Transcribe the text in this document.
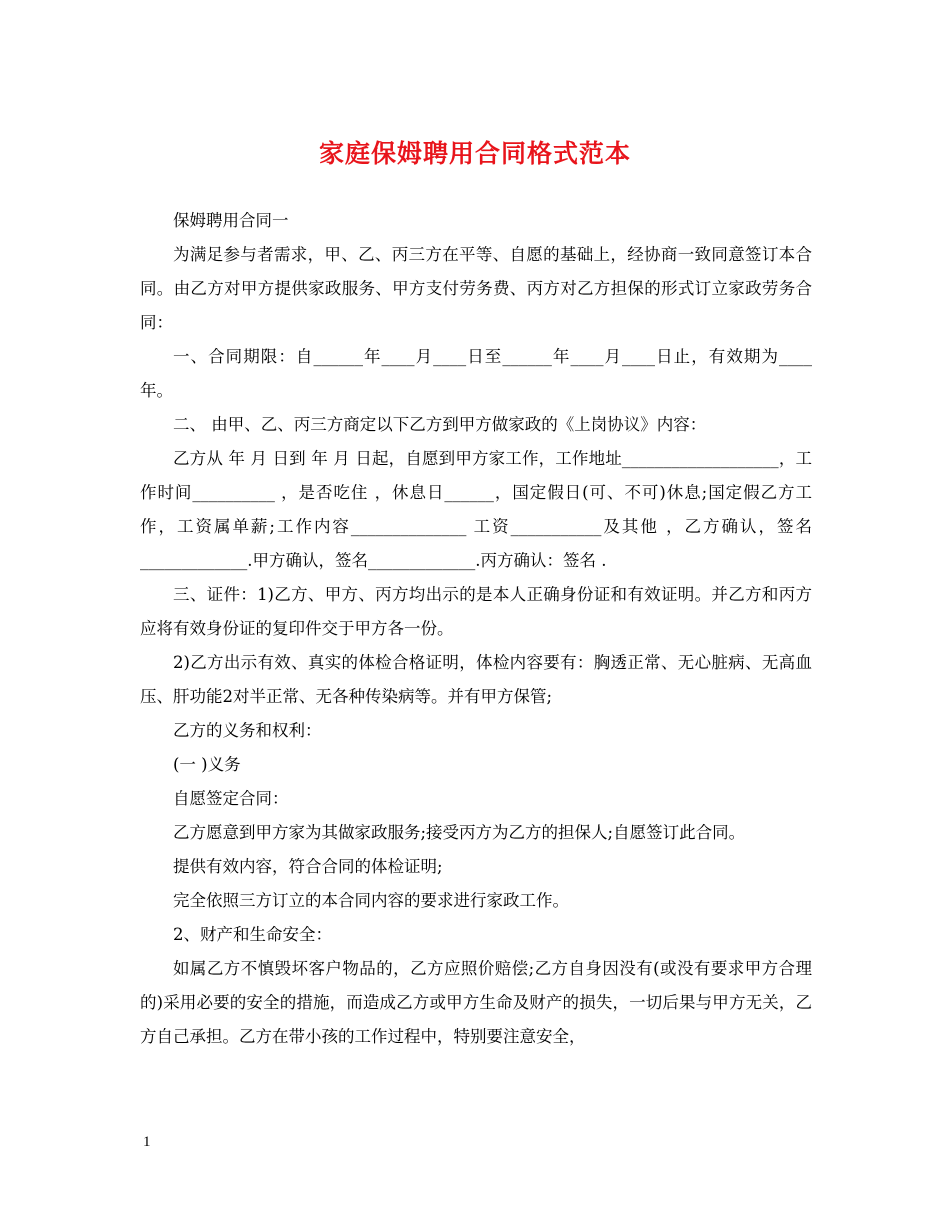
家庭保姆聘用合同格式范本

保姆聘用合同一

为满足参与者需求，甲、乙、丙三方在平等、自愿的基础上，经协商一致同意签订本合同。由乙方对甲方提供家政服务、甲方支付劳务费、丙方对乙方担保的形式订立家政劳务合同：

一、合同期限：自______年____月____日至______年____月____日止，有效期为____年。

二、 由甲、乙、丙三方商定以下乙方到甲方做家政的《上岗协议》内容：

乙方从 年 月 日到 年 月 日起，自愿到甲方家工作，工作地址___________________，工作时间__________ ，是否吃住 ，休息日______，国定假日(可、不可)休息;国定假乙方工作，工资属单薪;工作内容______________ 工资___________及其他 ，乙方确认，签名_____________.甲方确认，签名_____________.丙方确认：签名 .

三、证件：1)乙方、甲方、丙方均出示的是本人正确身份证和有效证明。并乙方和丙方应将有效身份证的复印件交于甲方各一份。

2)乙方出示有效、真实的体检合格证明，体检内容要有：胸透正常、无心脏病、无高血压、肝功能2对半正常、无各种传染病等。并有甲方保管;

乙方的义务和权利：

(一 )义务

自愿签定合同：

乙方愿意到甲方家为其做家政服务;接受丙方为乙方的担保人;自愿签订此合同。

提供有效内容，符合合同的体检证明;

完全依照三方订立的本合同内容的要求进行家政工作。

2、财产和生命安全：

如属乙方不慎毁坏客户物品的，乙方应照价赔偿;乙方自身因没有(或没有要求甲方合理的)采用必要的安全的措施，而造成乙方或甲方生命及财产的损失，一切后果与甲方无关，乙方自己承担。乙方在带小孩的工作过程中，特别要注意安全，

1
